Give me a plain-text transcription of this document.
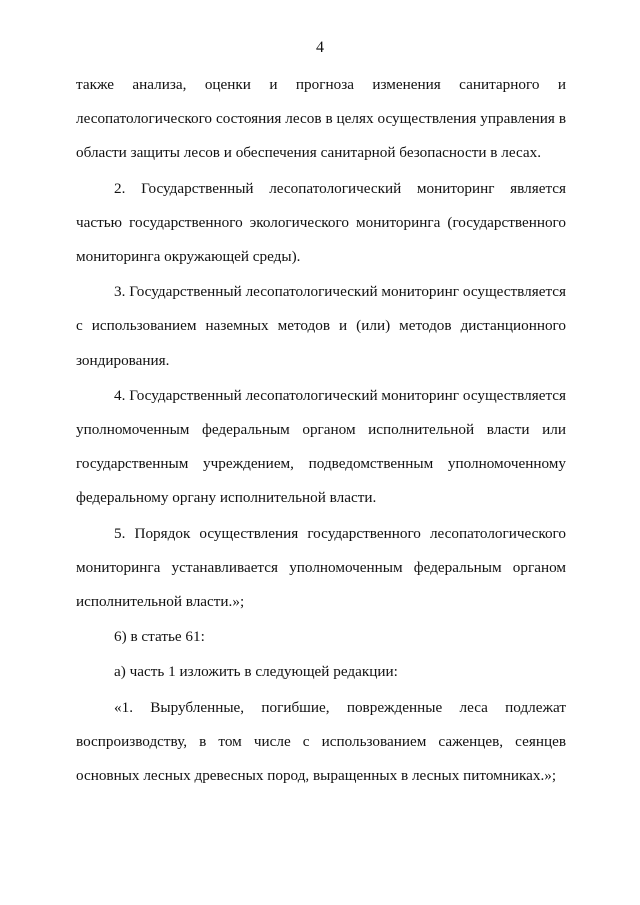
4

также анализа, оценки и прогноза изменения санитарного и лесопатологического состояния лесов в целях осуществления управления в области защиты лесов и обеспечения санитарной безопасности в лесах.

2. Государственный лесопатологический мониторинг является частью государственного экологического мониторинга (государственного мониторинга окружающей среды).

3. Государственный лесопатологический мониторинг осуществляется с использованием наземных методов и (или) методов дистанционного зондирования.

4. Государственный лесопатологический мониторинг осуществляется уполномоченным федеральным органом исполнительной власти или государственным учреждением, подведомственным уполномоченному федеральному органу исполнительной власти.

5. Порядок осуществления государственного лесопатологического мониторинга устанавливается уполномоченным федеральным органом исполнительной власти.»;

6) в статье 61:

а) часть 1 изложить в следующей редакции:

«1. Вырубленные, погибшие, поврежденные леса подлежат воспроизводству, в том числе с использованием саженцев, сеянцев основных лесных древесных пород, выращенных в лесных питомниках.»;
